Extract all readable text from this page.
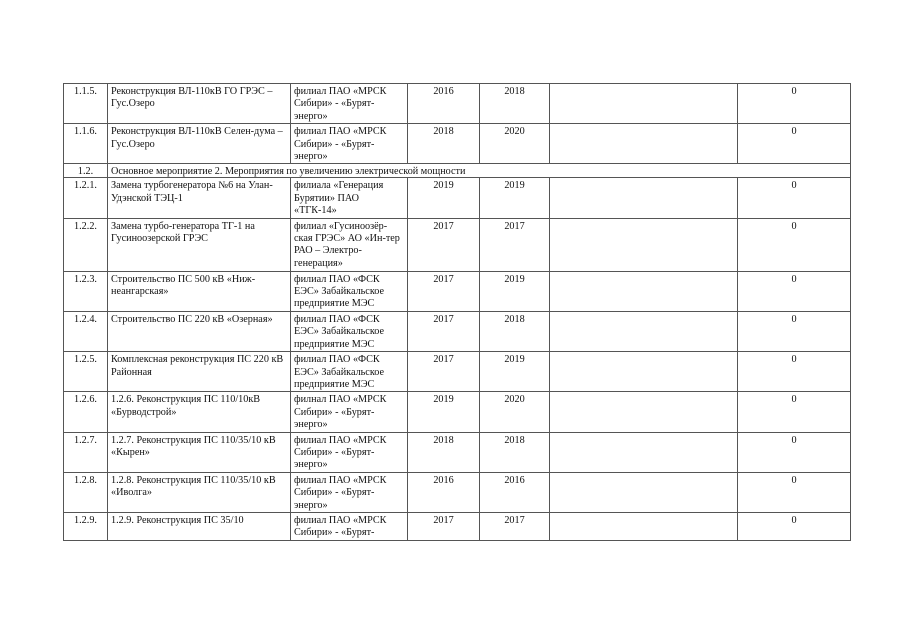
1.1.5.	Реконструкция ВЛ-110кВ ГО ГРЭС – Гус.Озеро	филиал ПАО «МРСК Сибири» - «Бурят-энерго»	2016	2018		0
1.1.6.	Реконструкция ВЛ-110кВ Селен-дума – Гус.Озеро	филиал ПАО «МРСК Сибири» - «Бурят-энерго»	2018	2020		0
1.2.	Основное мероприятие 2. Мероприятия по увеличению электрической мощности					
1.2.1.	Замена турбогенератора №6 на Улан-Удэнской ТЭЦ-1	филиала «Генерация Бурятии» ПАО «ТГК-14»	2019	2019		0
1.2.2.	Замена турбо-генератора ТГ-1 на Гусиноозерской ГРЭС	филиал «Гусиноозёр-ская ГРЭС» АО «Ин-тер РАО – Электро-генерация»	2017	2017		0
1.2.3.	Строительство ПС 500 кВ «Ниж-неангарская»	филиал ПАО «ФСК ЕЭС» Забайкальское предприятие МЭС	2017	2019		0
1.2.4.	Строительство ПС 220 кВ «Озерная»	филиал ПАО «ФСК ЕЭС» Забайкальское предприятие МЭС	2017	2018		0
1.2.5.	Комплексная реконструкция ПС 220 кВ Районная	филиал ПАО «ФСК ЕЭС» Забайкальское предприятие МЭС	2017	2019		0
1.2.6.	1.2.6. Реконструкция ПС 110/10кВ «Бурводстрой»	филнал ПАО «МРСК Сибири» - «Бурят-энерго»	2019	2020		0
1.2.7.	1.2.7. Реконструкция ПС 110/35/10 кВ «Кырен»	филиал ПАО «МРСК Сибири» - «Бурят-энерго»	2018	2018		0
1.2.8.	1.2.8. Реконструкция ПС 110/35/10 кВ «Иволга»	филиал ПАО «МРСК Сибири» - «Бурят-энерго»	2016	2016		0
1.2.9.	1.2.9. Реконструкция ПС 35/10	филиал ПАО «МРСК Сибири» - «Бурят-	2017	2017		0
